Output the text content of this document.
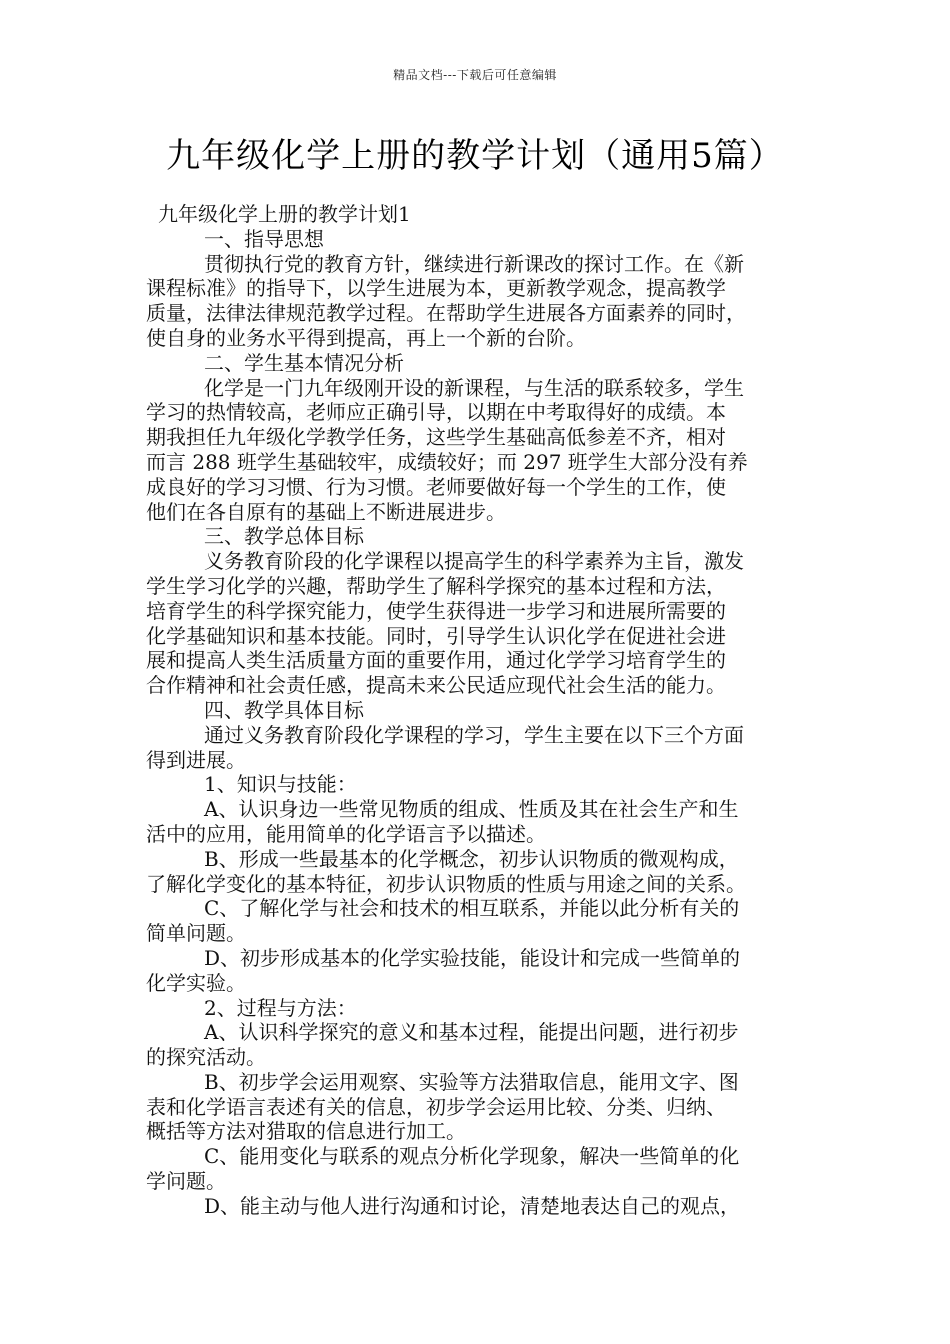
精品文档---下载后可任意编辑
九年级化学上册的教学计划（通用5篇）
九年级化学上册的教学计划1
一、指导思想
贯彻执行党的教育方针，继续进行新课改的探讨工作。在《新
课程标准》的指导下，以学生进展为本，更新教学观念，提高教学
质量，法律法律规范教学过程。在帮助学生进展各方面素养的同时，
使自身的业务水平得到提高，再上一个新的台阶。
二、学生基本情况分析
化学是一门九年级刚开设的新课程，与生活的联系较多，学生
学习的热情较高，老师应正确引导，以期在中考取得好的成绩。本
期我担任九年级化学教学任务，这些学生基础高低参差不齐，相对
而言 288 班学生基础较牢，成绩较好；而 297 班学生大部分没有养
成良好的学习习惯、行为习惯。老师要做好每一个学生的工作，使
他们在各自原有的基础上不断进展进步。
三、教学总体目标
义务教育阶段的化学课程以提高学生的科学素养为主旨，激发
学生学习化学的兴趣，帮助学生了解科学探究的基本过程和方法，
培育学生的科学探究能力，使学生获得进一步学习和进展所需要的
化学基础知识和基本技能。同时，引导学生认识化学在促进社会进
展和提高人类生活质量方面的重要作用，通过化学学习培育学生的
合作精神和社会责任感，提高未来公民适应现代社会生活的能力。
四、教学具体目标
通过义务教育阶段化学课程的学习，学生主要在以下三个方面
得到进展。
1、知识与技能：
A、认识身边一些常见物质的组成、性质及其在社会生产和生
活中的应用，能用简单的化学语言予以描述。
B、形成一些最基本的化学概念，初步认识物质的微观构成，
了解化学变化的基本特征，初步认识物质的性质与用途之间的关系。
C、了解化学与社会和技术的相互联系，并能以此分析有关的
简单问题。
D、初步形成基本的化学实验技能，能设计和完成一些简单的
化学实验。
2、过程与方法：
A、认识科学探究的意义和基本过程，能提出问题，进行初步
的探究活动。
B、初步学会运用观察、实验等方法猎取信息，能用文字、图
表和化学语言表述有关的信息，初步学会运用比较、分类、归纳、
概括等方法对猎取的信息进行加工。
C、能用变化与联系的观点分析化学现象，解决一些简单的化
学问题。
D、能主动与他人进行沟通和讨论，清楚地表达自己的观点，
